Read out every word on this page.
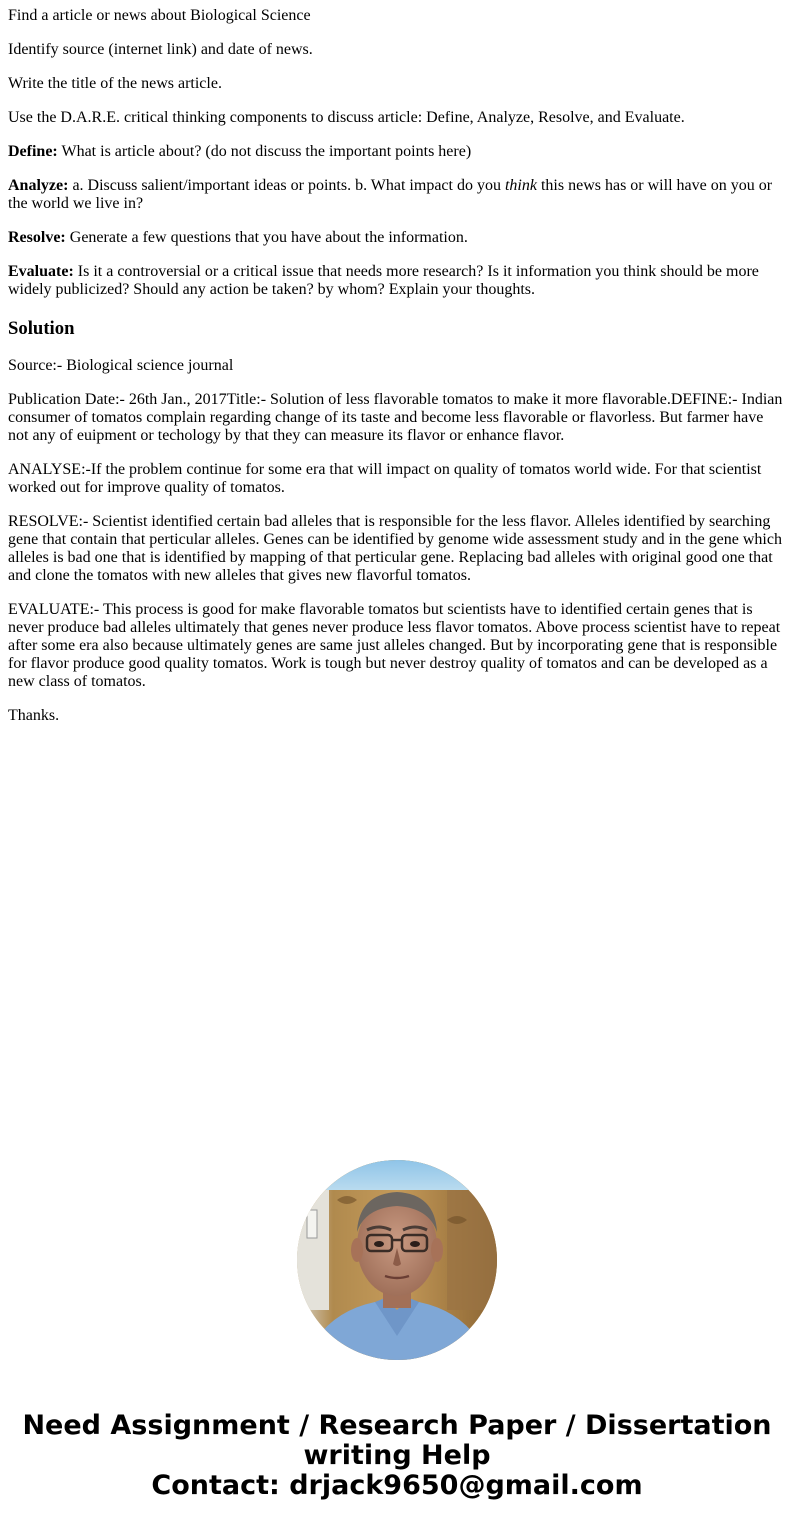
Find a article or news about Biological Science

Identify source (internet link) and date of news.

Write the title of the news article.

Use the D.A.R.E. critical thinking components to discuss article: Define, Analyze, Resolve, and Evaluate.

Define: What is article about? (do not discuss the important points here)

Analyze: a. Discuss salient/important ideas or points. b. What impact do you think this news has or will have on you or the world we live in?

Resolve: Generate a few questions that you have about the information.

Evaluate: Is it a controversial or a critical issue that needs more research? Is it information you think should be more widely publicized? Should any action be taken? by whom? Explain your thoughts.

Solution

Source:- Biological science journal

Publication Date:- 26th Jan., 2017Title:- Solution of less flavorable tomatos to make it more flavorable.DEFINE:- Indian consumer of tomatos complain regarding change of its taste and become less flavorable or flavorless. But farmer have not any of euipment or techology by that they can measure its flavor or enhance flavor.

ANALYSE:-If the problem continue for some era that will impact on quality of tomatos world wide. For that scientist worked out for improve quality of tomatos.

RESOLVE:- Scientist identified certain bad alleles that is responsible for the less flavor. Alleles identified by searching gene that contain that perticular alleles. Genes can be identified by genome wide assessment study and in the gene which alleles is bad one that is identified by mapping of that perticular gene. Replacing bad alleles with original good one that and clone the tomatos with new alleles that gives new flavorful tomatos.

EVALUATE:- This process is good for make flavorable tomatos but scientists have to identified certain genes that is never produce bad alleles ultimately that genes never produce less flavor tomatos. Above process scientist have to repeat after some era also because ultimately genes are same just alleles changed. But by incorporating gene that is responsible for flavor produce good quality tomatos. Work is tough but never destroy quality of tomatos and can be developed as a new class of tomatos.

Thanks.

Need Assignment / Research Paper / Dissertation
writing Help
Contact: drjack9650@gmail.com
